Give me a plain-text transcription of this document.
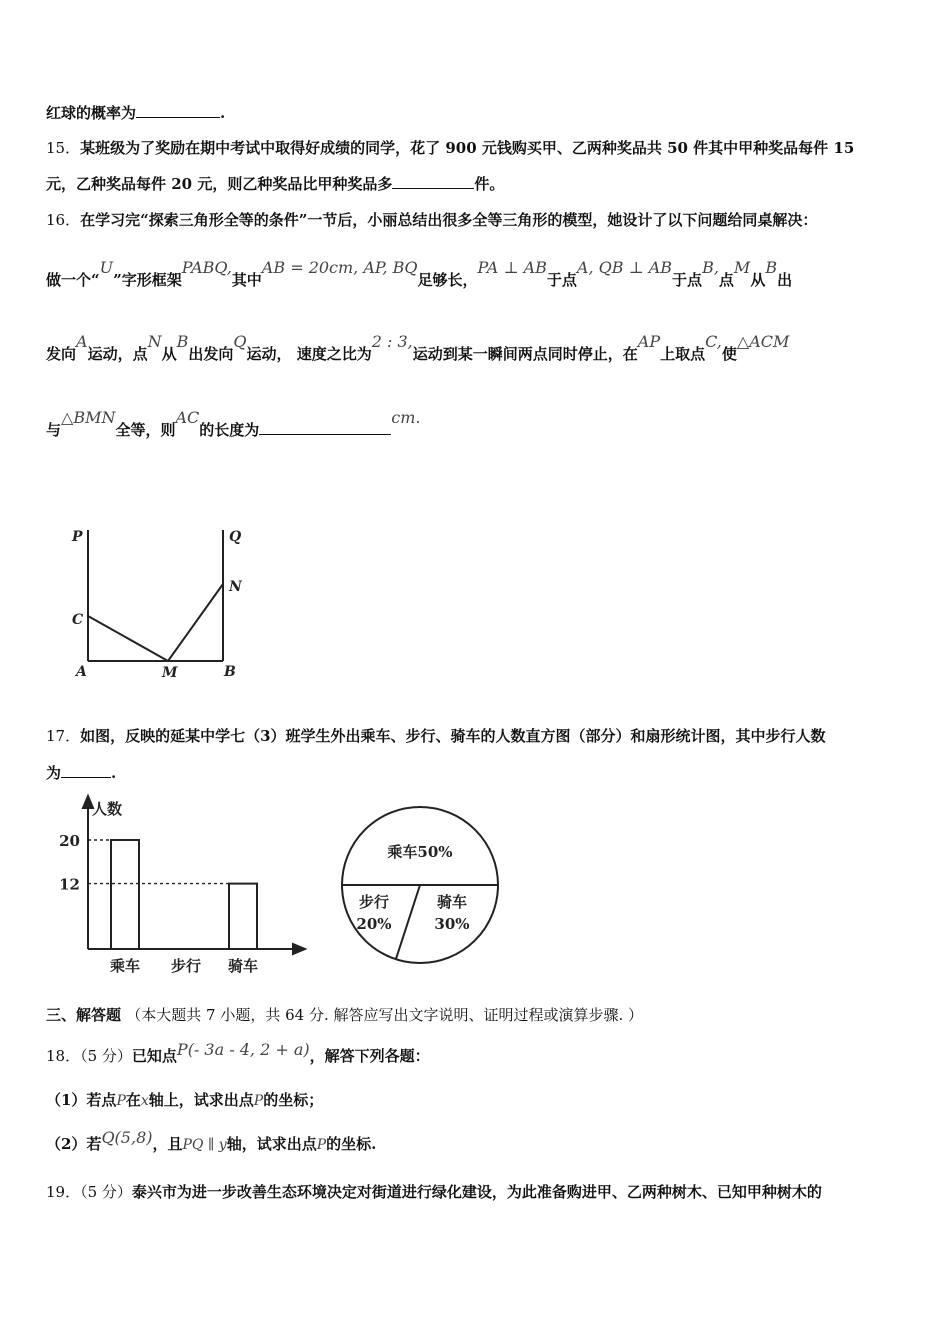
红球的概率为	.
15．某班级为了奖励在期中考试中取得好成绩的同学，花了 900 元钱购买甲、乙两种奖品共 50 件其中甲种奖品每件 15
元，乙种奖品每件 20 元，则乙种奖品比甲种奖品多	件。
16．在学习完“探索三角形全等的条件”一节后，小丽总结出很多全等三角形的模型，她设计了以下问题给同桌解决：
做一个“U”字形框架PABQ,其中AB = 20cm, AP, BQ足够长，PA ⊥ AB于点A, QB ⊥ AB于点B,点M从B出
发向A运动，点N从B出发向Q运动， 速度之比为2 : 3,运动到某一瞬间两点同时停止，在AP上取点C,使△ACM
与△BMN全等，则AC的长度为cm.
P	Q
C
N
A	M	B
17．如图，反映的延某中学七（3）班学生外出乘车、步行、骑车的人数直方图（部分）和扇形统计图，其中步行人数
为	.
人数
乘车 步行 骑车
20
12
乘车50%
步行
20%
骑车
30%
三、解答题 （本大题共 7 小题，共 64 分. 解答应写出文字说明、证明过程或演算步骤. ）
18．（5 分）已知点P(- 3a - 4, 2 + a)，解答下列各题：
（1）若点P在x轴上，试求出点P的坐标；
（2）若Q(5,8)，且PQ ∥ y轴，试求出点P的坐标.
19．（5 分）泰兴市为进一步改善生态环境决定对街道进行绿化建设，为此准备购进甲、乙两种树木、已知甲种树木的
